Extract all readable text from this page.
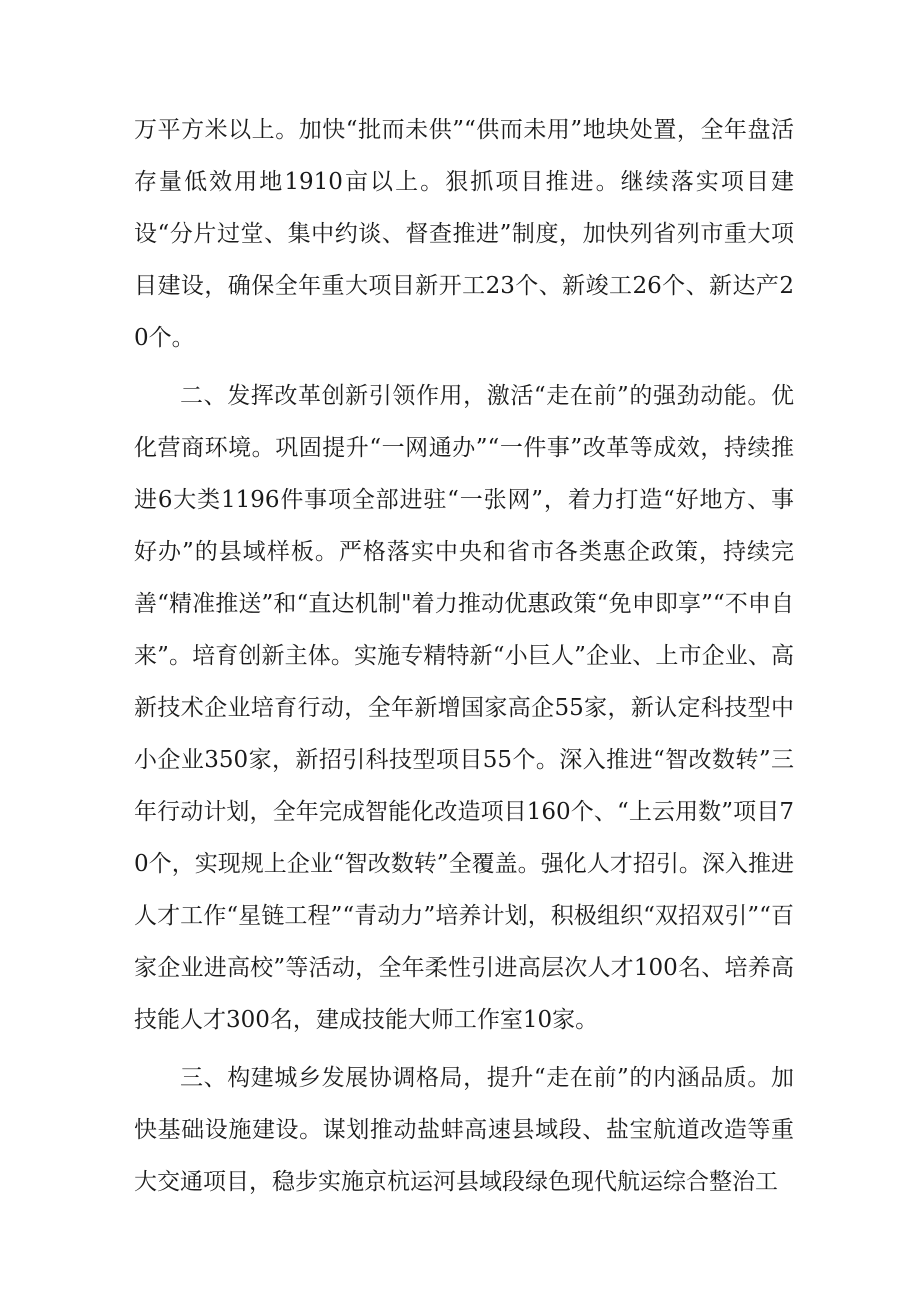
万平方米以上。加快“批而未供”“供而未用”地块处置，全年盘活存量低效用地1910亩以上。狠抓项目推进。继续落实项目建设“分片过堂、集中约谈、督查推进”制度，加快列省列市重大项目建设，确保全年重大项目新开工23个、新竣工26个、新达产20个。

二、发挥改革创新引领作用，激活“走在前”的强劲动能。优化营商环境。巩固提升“一网通办”“一件事”改革等成效，持续推进6大类1196件事项全部进驻“一张网”，着力打造“好地方、事好办”的县域样板。严格落实中央和省市各类惠企政策，持续完善“精准推送”和“直达机制"着力推动优惠政策“免申即享”“不申自来”。培育创新主体。实施专精特新“小巨人”企业、上市企业、高新技术企业培育行动，全年新增国家高企55家，新认定科技型中小企业350家，新招引科技型项目55个。深入推进“智改数转”三年行动计划，全年完成智能化改造项目160个、“上云用数”项目70个，实现规上企业“智改数转”全覆盖。强化人才招引。深入推进人才工作“星链工程”“青动力”培养计划，积极组织“双招双引”“百家企业进高校”等活动，全年柔性引进高层次人才100名、培养高技能人才300名，建成技能大师工作室10家。

三、构建城乡发展协调格局，提升“走在前”的内涵品质。加快基础设施建设。谋划推动盐蚌高速县域段、盐宝航道改造等重大交通项目，稳步实施京杭运河县域段绿色现代航运综合整治工
